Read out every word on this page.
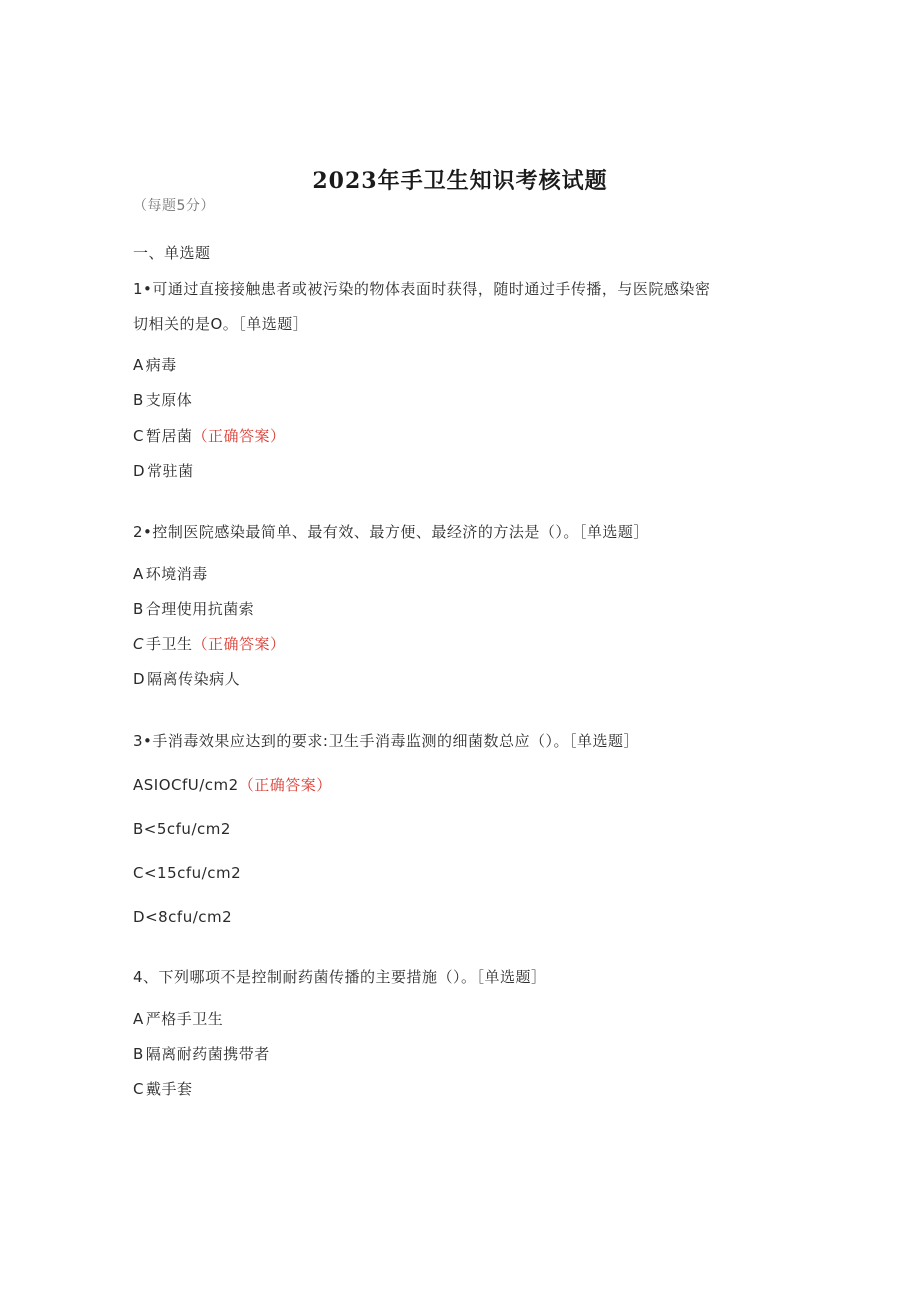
2023年手卫生知识考核试题
（每题5分）
一、单选题
1•可通过直接接触患者或被污染的物体表面时获得，随时通过手传播，与医院感染密
切相关的是O。［单选题］
A 病毒
B 支原体
C 暂居菌（正确答案）
D 常驻菌
2•控制医院感染最简单、最有效、最方便、最经济的方法是（）。［单选题］
A 环境消毒
B 合理使用抗菌索
C 手卫生（正确答案）
D 隔离传染病人
3•手消毒效果应达到的要求:卫生手消毒监测的细菌数总应（）。［单选题］
ASIOCfU/cm2（正确答案）
B<5cfu∕cm2
C<15cfu∕cm2
D<8cfu∕cm2
4、下列哪项不是控制耐药菌传播的主要措施（）。［单选题］
A 严格手卫生
B 隔离耐药菌携带者
C 戴手套
